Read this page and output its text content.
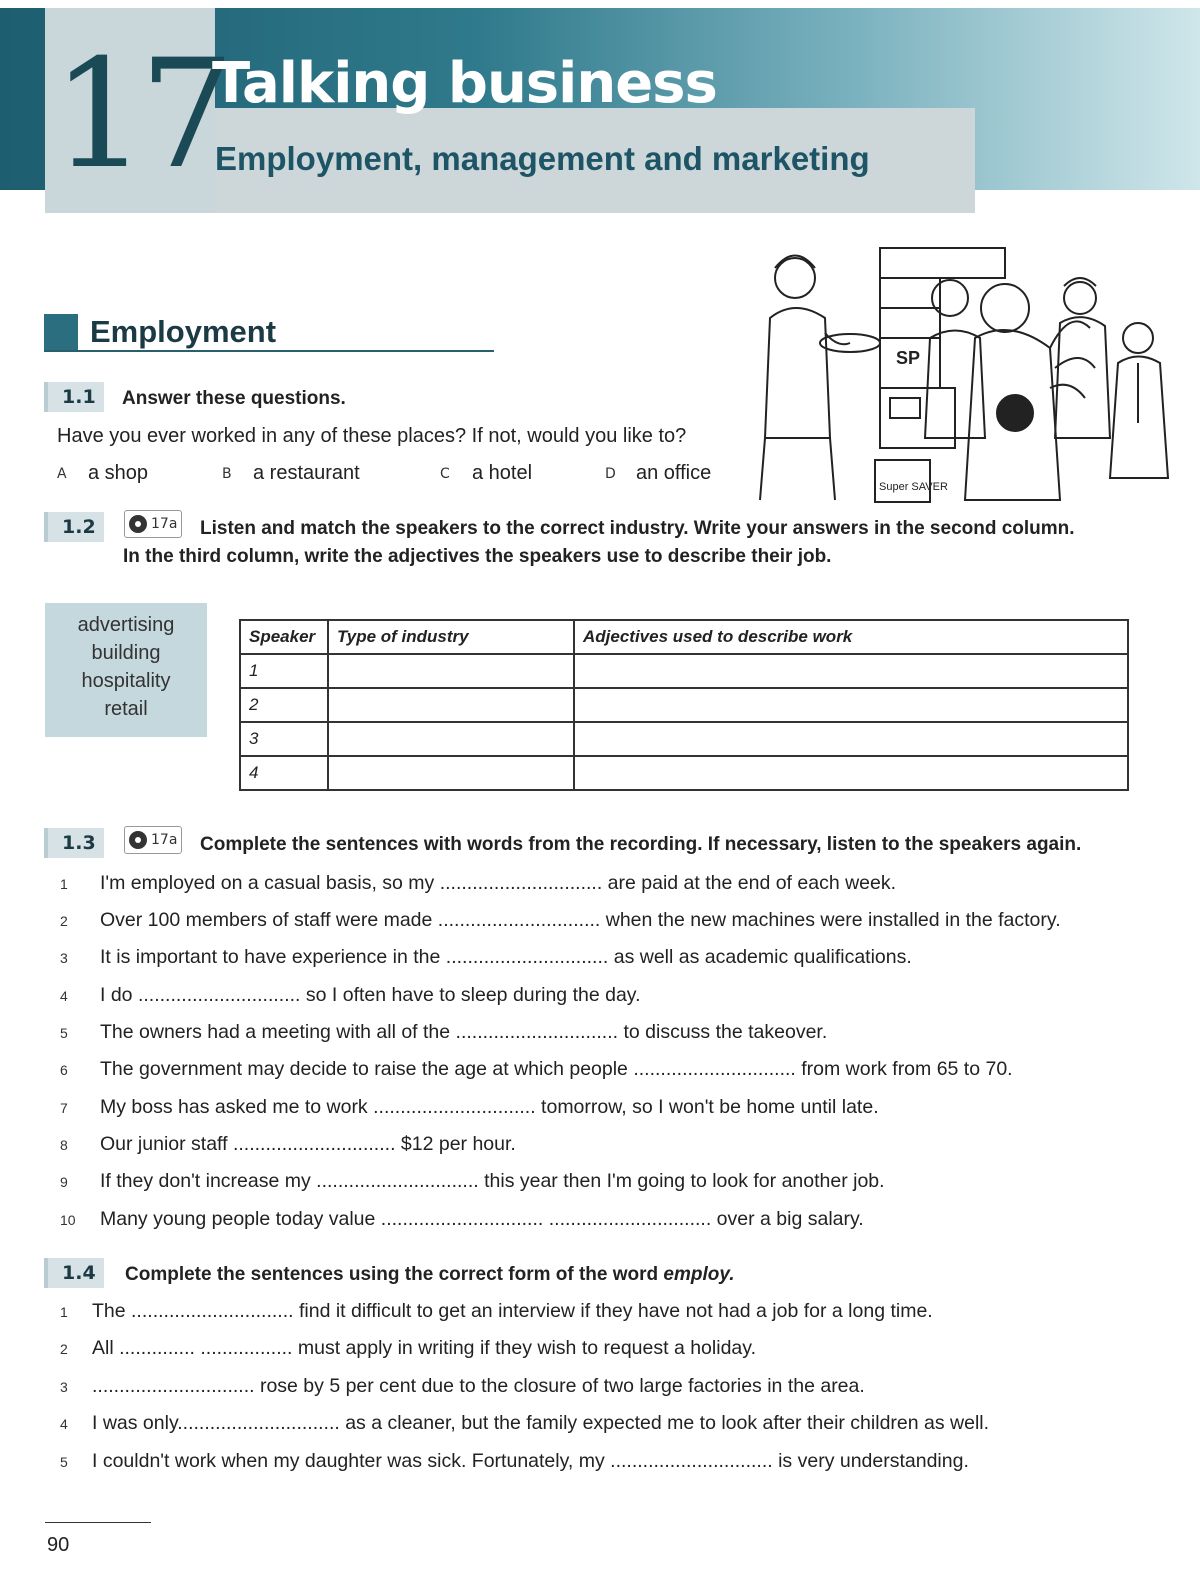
17
Talking business
Employment, management and marketing
Employment
SP
Super SAVER
1.1	Answer these questions.
Have you ever worked in any of these places? If not, would you like to?
A a shop	B a restaurant	C a hotel	D an office
1.2	17a Listen and match the speakers to the correct industry. Write your answers in the second column.
In the third column, write the adjectives the speakers use to describe their job.
advertising
building
hospitality
retail
Speaker	Type of industry	Adjectives used to describe work
1		
2		
3		
4		
1.3	17a Complete the sentences with words from the recording. If necessary, listen to the speakers again.
1 I'm employed on a casual basis, so my .............................. are paid at the end of each week.
2 Over 100 members of staff were made .............................. when the new machines were installed in the factory.
3 It is important to have experience in the .............................. as well as academic qualifications.
4 I do .............................. so I often have to sleep during the day.
5 The owners had a meeting with all of the .............................. to discuss the takeover.
6 The government may decide to raise the age at which people .............................. from work from 65 to 70.
7 My boss has asked me to work .............................. tomorrow, so I won't be home until late.
8 Our junior staff .............................. $12 per hour.
9 If they don't increase my .............................. this year then I'm going to look for another job.
10 Many young people today value .............................. .............................. over a big salary.
1.4	Complete the sentences using the correct form of the word employ.
1 The .............................. find it difficult to get an interview if they have not had a job for a long time.
2 All .............. ................. must apply in writing if they wish to request a holiday.
3 .............................. rose by 5 per cent due to the closure of two large factories in the area.
4 I was only.............................. as a cleaner, but the family expected me to look after their children as well.
5 I couldn't work when my daughter was sick. Fortunately, my .............................. is very understanding.
90
